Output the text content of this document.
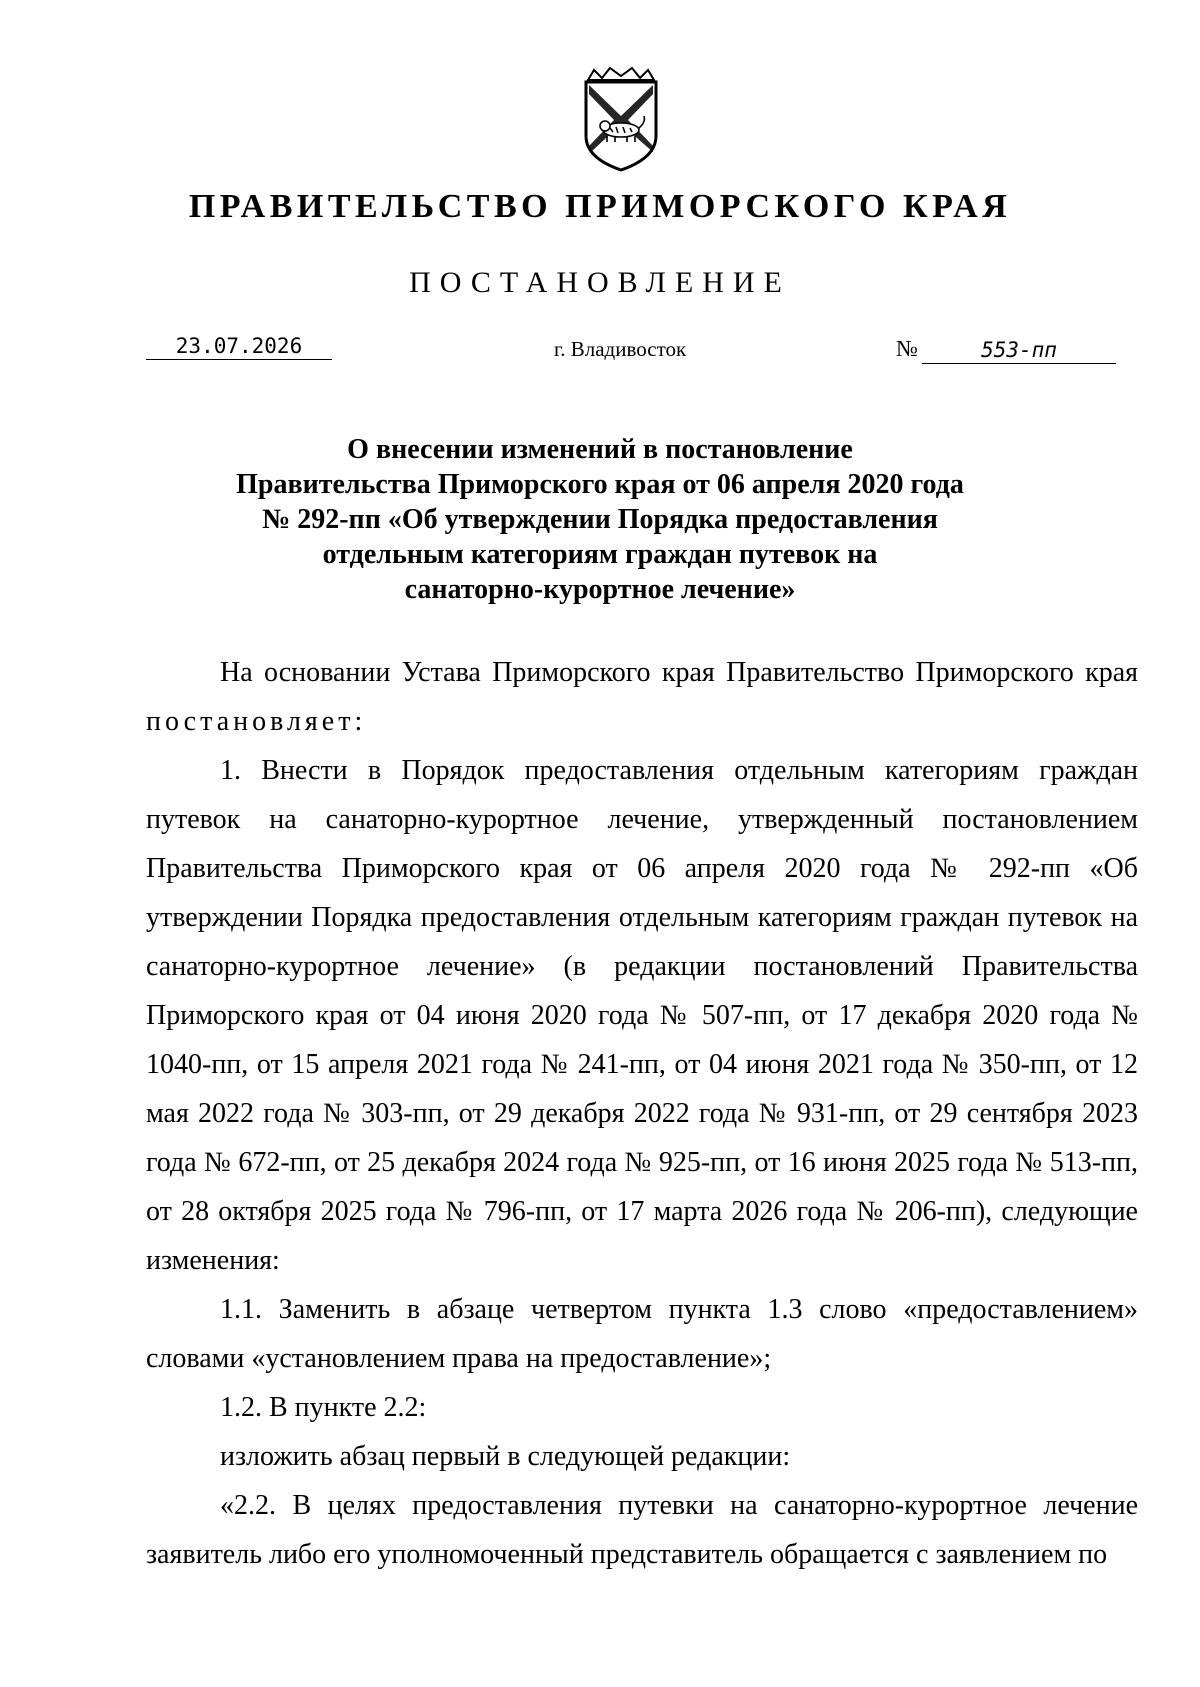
ПРАВИТЕЛЬСТВО ПРИМОРСКОГО КРАЯ
ПОСТАНОВЛЕНИЕ
23.07.2026	г. Владивосток	№	553-пп
О внесении изменений в постановление
Правительства Приморского края от 06 апреля 2020 года
№ 292-пп «Об утверждении Порядка предоставления
отдельным категориям граждан путевок на
санаторно-курортное лечение»

На основании Устава Приморского края Правительство Приморского края постановляет:

1. Внести в Порядок предоставления отдельным категориям граждан путевок на санаторно-курортное лечение, утвержденный постановлением Правительства Приморского края от 06 апреля 2020 года № 292-пп «Об утверждении Порядка предоставления отдельным категориям граждан путевок на санаторно-курортное лечение» (в редакции постановлений Правительства Приморского края от 04 июня 2020 года № 507-пп, от 17 декабря 2020 года № 1040-пп, от 15 апреля 2021 года № 241-пп, от 04 июня 2021 года № 350-пп, от 12 мая 2022 года № 303-пп, от 29 декабря 2022 года № 931-пп, от 29 сентября 2023 года № 672-пп, от 25 декабря 2024 года № 925-пп, от 16 июня 2025 года № 513-пп, от 28 октября 2025 года № 796-пп, от 17 марта 2026 года № 206-пп), следующие изменения:

1.1. Заменить в абзаце четвертом пункта 1.3 слово «предоставлением» словами «установлением права на предоставление»;

1.2. В пункте 2.2:

изложить абзац первый в следующей редакции:

«2.2. В целях предоставления путевки на санаторно-курортное лечение заявитель либо его уполномоченный представитель обращается с заявлением по
